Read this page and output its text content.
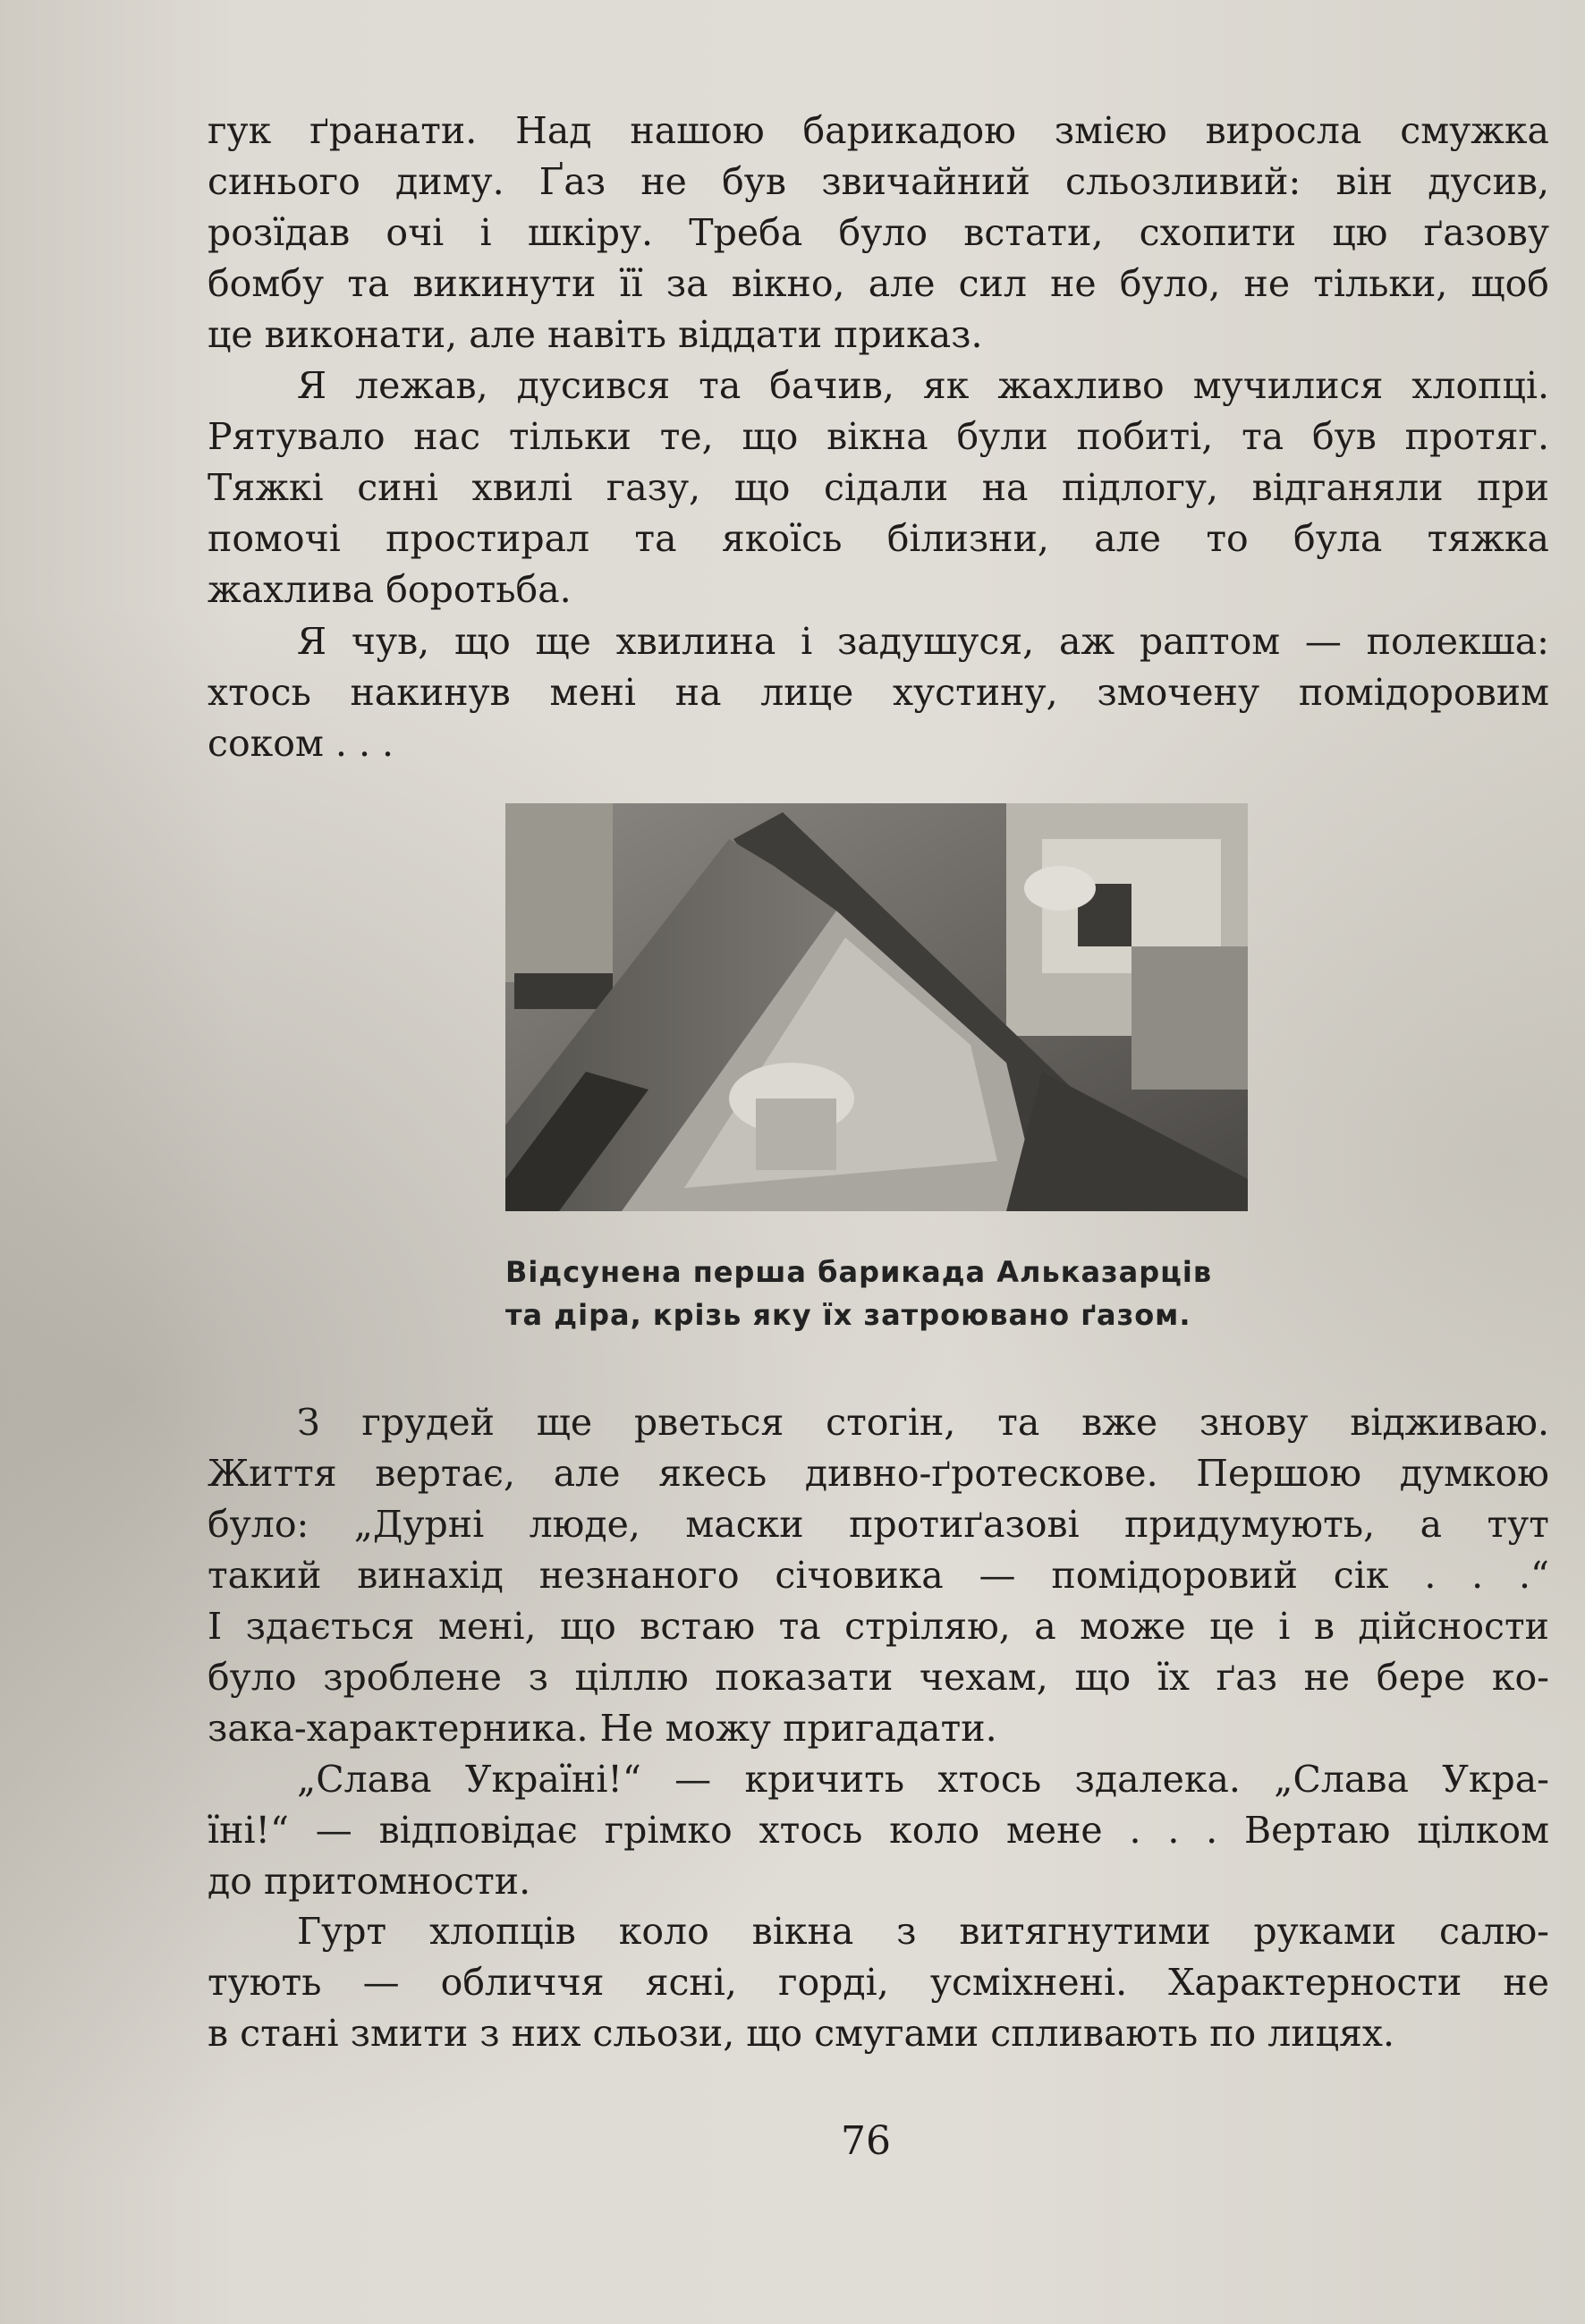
гук ґранати. Над нашою барикадою змією виросла смужка
синього диму. Ґаз не був звичайний сльозливий: він дусив,
розїдав очі і шкіру. Треба було встати, схопити цю ґазову
бомбу та викинути її за вікно, але сил не було, не тільки, щоб
це виконати, але навіть віддати приказ.

Я лежав, дусився та бачив, як жахливо мучилися хлопці.
Рятувало нас тільки те, що вікна були побиті, та був протяг.
Тяжкі сині хвилі газу, що сідали на підлогу, відганяли при
помочі простирал та якоїсь білизни, але то була тяжка
жахлива боротьба.

Я чув, що ще хвилина і задушуся, аж раптом — полекша:
хтось накинув мені на лице хустину, змочену помідоровим
соком . . .

Відсунена перша барикада Альказарців
та діра, крізь яку їх затроювано ґазом.

З грудей ще рветься стогін, та вже знову відживаю.
Життя вертає, але якесь дивно-ґротескове. Першою думкою
було: „Дурні люде, маски протиґазові придумують, а тут
такий винахід незнаного січовика — помідоровий сік . . .“
І здається мені, що встаю та стріляю, а може це і в дійсности
було зроблене з ціллю показати чехам, що їх ґаз не бере ко-
зака-характерника. Не можу пригадати.

„Слава Україні!“ — кричить хтось здалека. „Слава Укра-
їні!“ — відповідає грімко хтось коло мене . . . Вертаю цілком
до притомности.

Гурт хлопців коло вікна з витягнутими руками салю-
тують — обличчя ясні, горді, усміхнені. Характерности не
в стані змити з них сльози, що смугами спливають по лицях.

76
